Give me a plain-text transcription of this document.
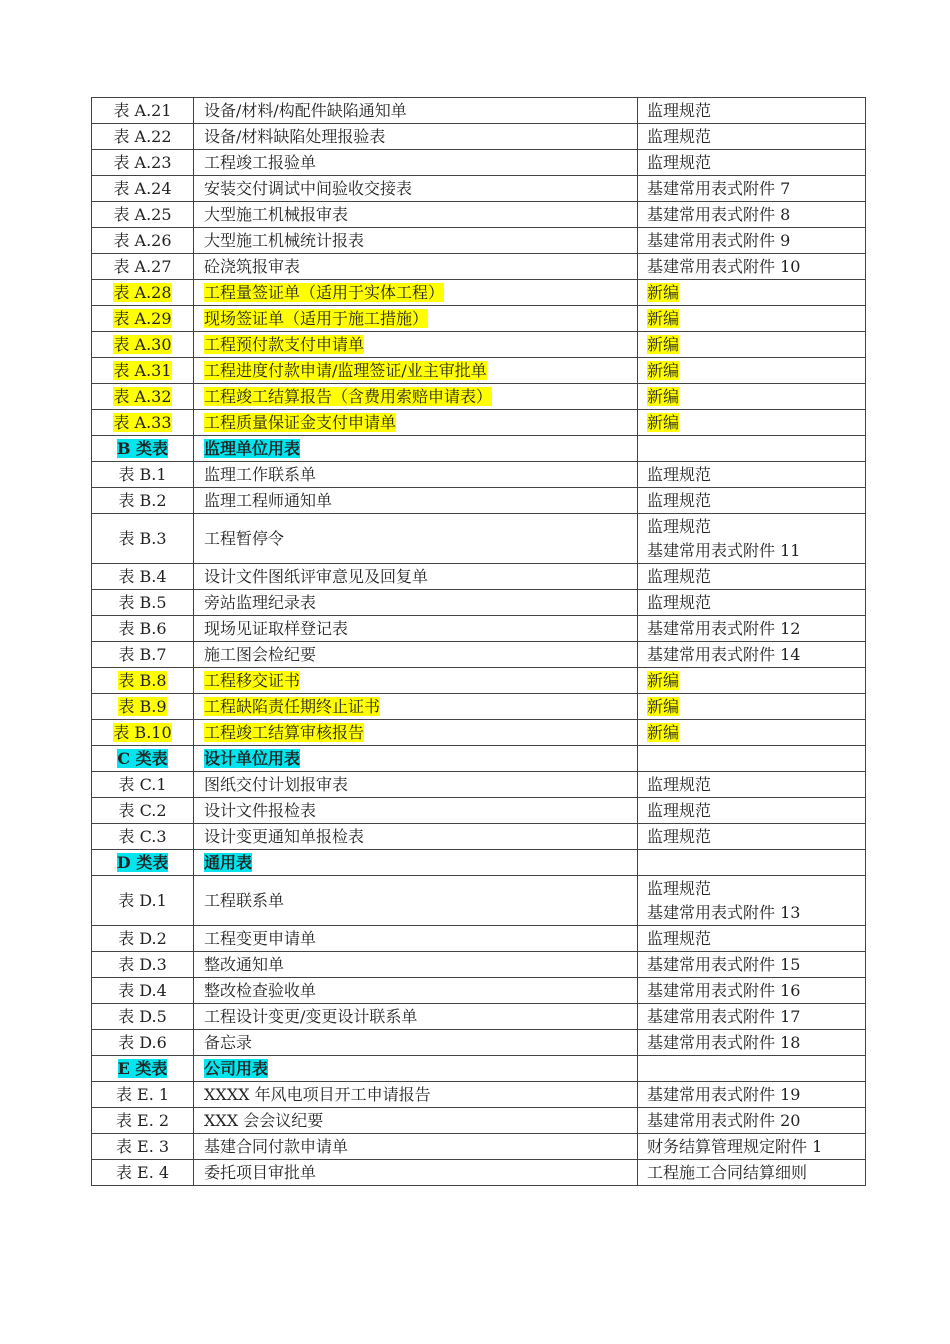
表 A.21	设备/材料/构配件缺陷通知单	监理规范

表 A.22	设备/材料缺陷处理报验表	监理规范

表 A.23	工程竣工报验单	监理规范

表 A.24	安装交付调试中间验收交接表	基建常用表式附件 7

表 A.25	大型施工机械报审表	基建常用表式附件 8

表 A.26	大型施工机械统计报表	基建常用表式附件 9

表 A.27	砼浇筑报审表	基建常用表式附件 10

表 A.28	工程量签证单（适用于实体工程）	新编

表 A.29	现场签证单（适用于施工措施）	新编

表 A.30	工程预付款支付申请单	新编

表 A.31	工程进度付款申请/监理签证/业主审批单	新编

表 A.32	工程竣工结算报告（含费用索赔申请表）	新编

表 A.33	工程质量保证金支付申请单	新编

B 类表	监理单位用表	
表 B.1	监理工作联系单	监理规范

表 B.2	监理工程师通知单	监理规范

表 B.3	工程暂停令	监理规范
基建常用表式附件 11

表 B.4	设计文件图纸评审意见及回复单	监理规范

表 B.5	旁站监理纪录表	监理规范

表 B.6	现场见证取样登记表	基建常用表式附件 12

表 B.7	施工图会检纪要	基建常用表式附件 14

表 B.8	工程移交证书	新编

表 B.9	工程缺陷责任期终止证书	新编

表 B.10	工程竣工结算审核报告	新编

C 类表	设计单位用表	
表 C.1	图纸交付计划报审表	监理规范

表 C.2	设计文件报检表	监理规范

表 C.3	设计变更通知单报检表	监理规范

D 类表	通用表	
表 D.1	工程联系单	监理规范
基建常用表式附件 13

表 D.2	工程变更申请单	监理规范

表 D.3	整改通知单	基建常用表式附件 15

表 D.4	整改检查验收单	基建常用表式附件 16

表 D.5	工程设计变更/变更设计联系单	基建常用表式附件 17

表 D.6	备忘录	基建常用表式附件 18

E 类表	公司用表	
表 E. 1	XXXX 年风电项目开工申请报告	基建常用表式附件 19

表 E. 2	XXX 会会议纪要	基建常用表式附件 20

表 E. 3	基建合同付款申请单	财务结算管理规定附件 1

表 E. 4	委托项目审批单	工程施工合同结算细则
